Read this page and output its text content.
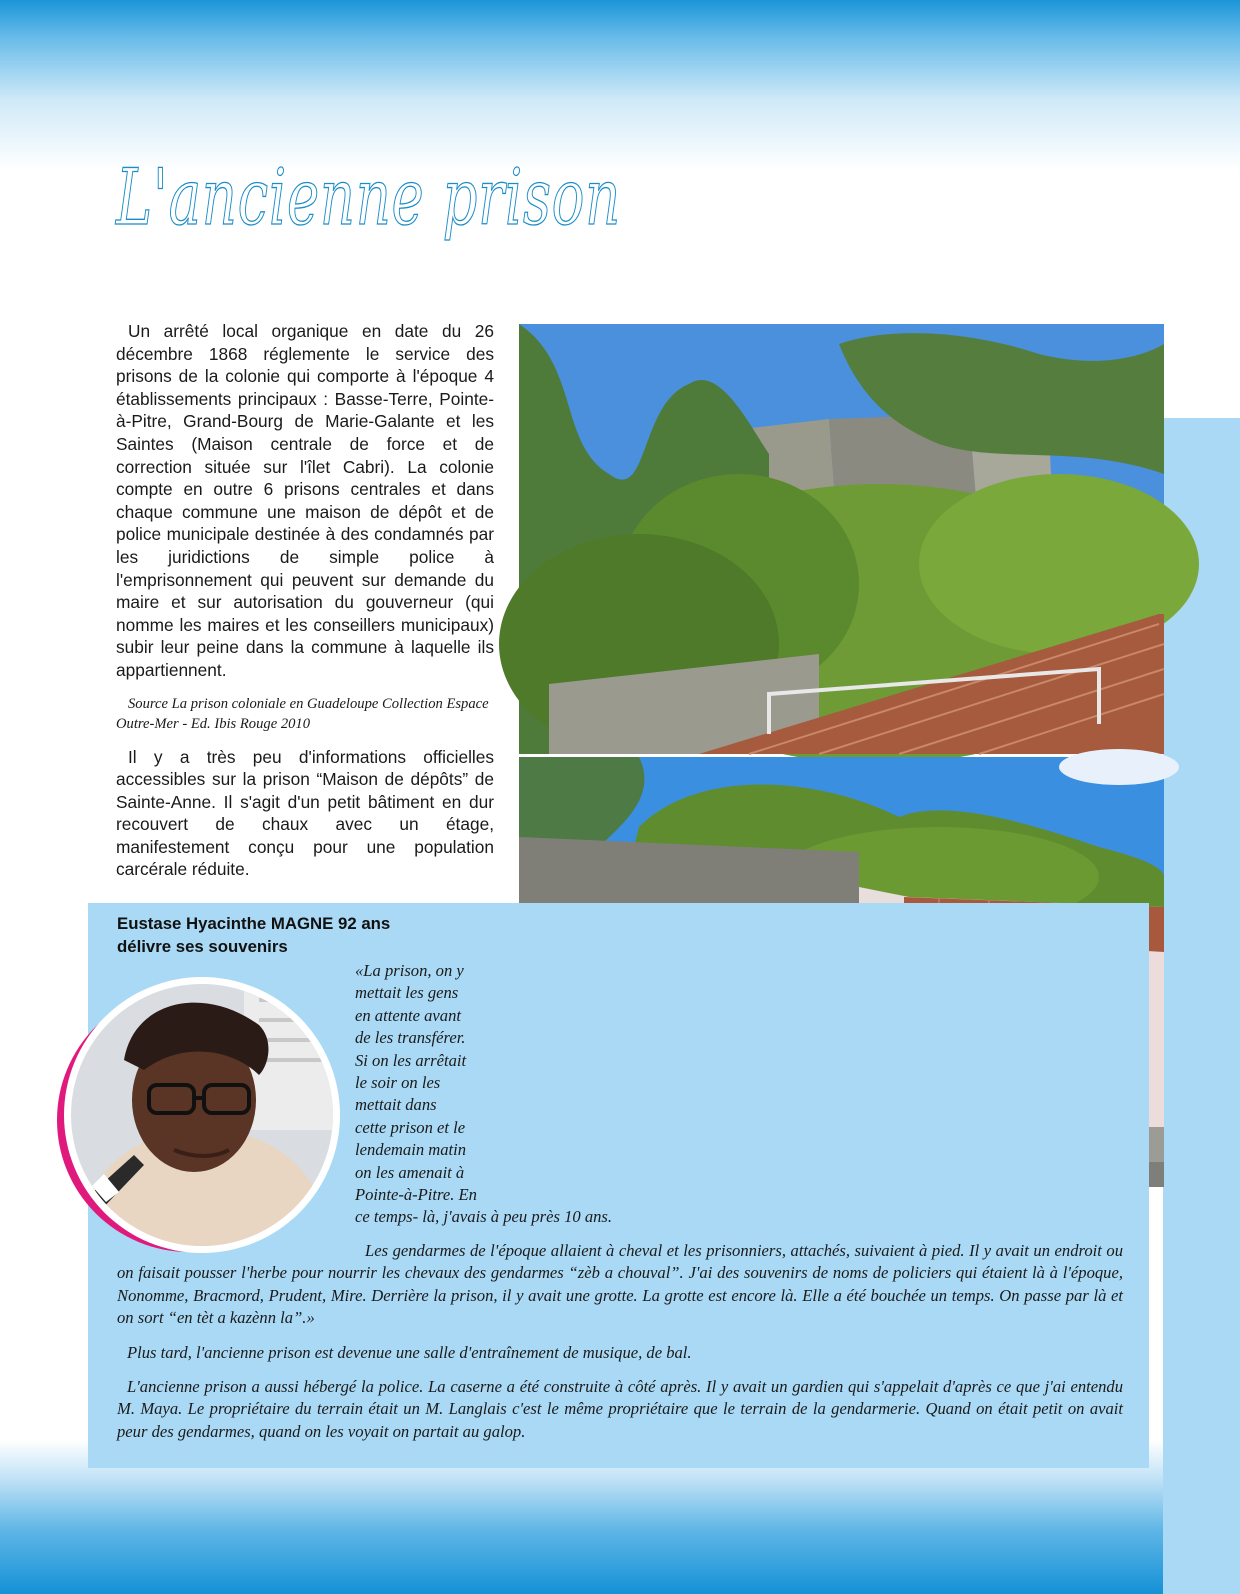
L'ancienne prison

Un arrêté local organique en date du 26 décembre 1868 réglemente le service des prisons de la colonie qui comporte à l'époque 4 établissements principaux : Basse-Terre, Pointe-à-Pitre, Grand-Bourg de Marie-Galante et les Saintes (Maison centrale de force et de correction située sur l'îlet Cabri). La colonie compte en outre 6 prisons centrales et dans chaque commune une maison de dépôt et de police municipale destinée à des condamnés par les juridictions de simple police à l'emprisonnement qui peuvent sur demande du maire et sur autorisation du gouverneur (qui nomme les maires et les conseillers municipaux) subir leur peine dans la commune à laquelle ils appartiennent.

Source La prison coloniale en Guadeloupe Collection Espace Outre-Mer - Ed. Ibis Rouge 2010

Il y a très peu d'informations officielles accessibles sur la prison “Maison de dépôts” de Sainte-Anne. Il s'agit d'un petit bâtiment en dur recouvert de chaux avec un étage, manifestement conçu pour une population carcérale réduite.

Eustase Hyacinthe MAGNE 92 ans
délivre ses souvenirs
«La prison, on y
mettait les gens
en attente avant
de les transférer.
Si on les arrêtait
le soir on les
mettait dans
cette prison et le
lendemain matin
on les amenait à
Pointe-à-Pitre. En
ce temps- là, j'avais à peu près 10 ans.

Les gendarmes de l'époque allaient à cheval et les prisonniers, attachés, suivaient à pied. Il y avait un endroit ou on faisait pousser l'herbe pour nourrir les chevaux des gendarmes “zèb a chouval”. J'ai des souvenirs de noms de policiers qui étaient là à l'époque, Nonomme, Bracmord, Prudent, Mire. Derrière la prison, il y avait une grotte. La grotte est encore là. Elle a été bouchée un temps. On passe par là et on sort “en tèt a kazènn la”.»

Plus tard, l'ancienne prison est devenue une salle d'entraînement de musique, de bal.

L'ancienne prison a aussi hébergé la police. La caserne a été construite à côté après. Il y avait un gardien qui s'appelait d'après ce que j'ai entendu M. Maya. Le propriétaire du terrain était un M. Langlais c'est le même propriétaire que le terrain de la gendarmerie. Quand on était petit on avait peur des gendarmes, quand on les voyait on partait au galop.
